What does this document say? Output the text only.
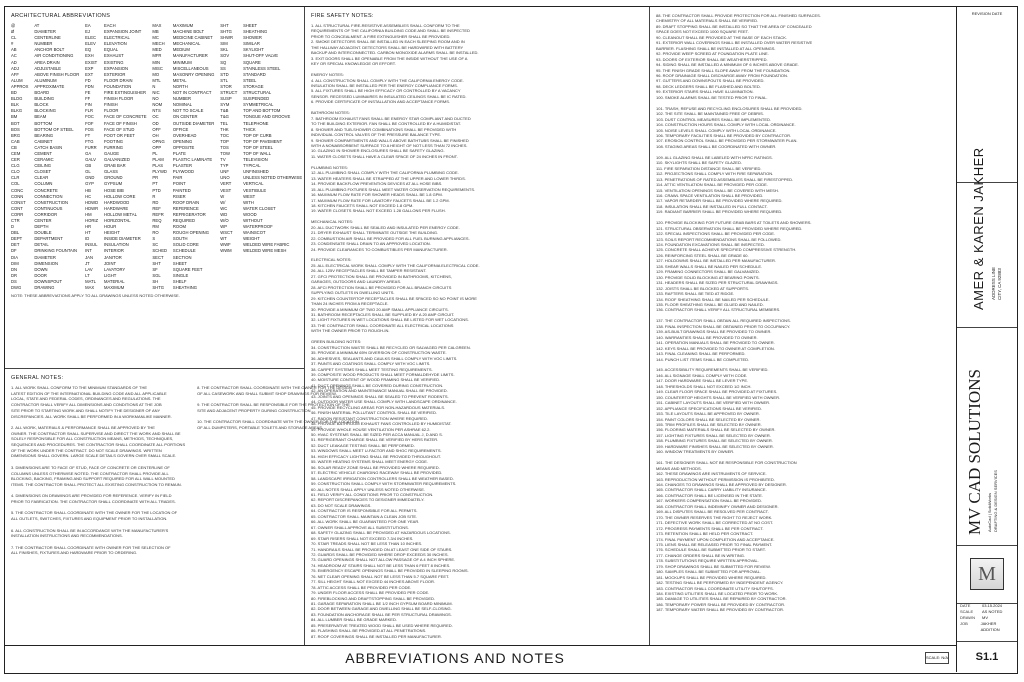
ARCHITECTURAL ABBREVIATIONS
@	AT	EA	EACH	MAX	MAXIMUM	SHT	SHEET
Ø	DIAMETER	EJ	EXPANSION JOINT	MB	MACHINE BOLT	SHTG	SHEATHING
CL	CENTERLINE	ELEC	ELECTRICAL	MC	MEDICINE CABINET	SHWR	SHOWER
#	NUMBER	ELEV	ELEVATION	MECH	MECHANICAL	SIM	SIMILAR
AB	ANCHOR BOLT	EQ	EQUAL	MED	MEDIUM	SKL	SKYLIGHT
AC	AIR CONDITIONING	EXH	EXHAUST	MFR	MANUFACTURER	SOV	SHUT-OFF VALVE
AD	AREA DRAIN	EXIST	EXISTING	MIN	MINIMUM	SQ	SQUARE
ADJ	ADJUSTABLE	EXP	EXPANSION	MISC	MISCELLANEOUS	SS	STAINLESS STEEL
AFF	ABOVE FINISH FLOOR	EXT	EXTERIOR	MO	MASONRY OPENING	STD	STANDARD
ALUM	ALUMINUM	FD	FLOOR DRAIN	MTL	METAL	STL	STEEL
APPROX	APPROXIMATE	FDN	FOUNDATION	N	NORTH	STOR	STORAGE
BD	BOARD	FE	FIRE EXTINGUISHER	NIC	NOT IN CONTRACT	STRUCT	STRUCTURAL
BLDG	BUILDING	FF	FINISH FLOOR	NO	NUMBER	SUSP	SUSPENDED
BLK	BLOCK	FIN	FINISH	NOM	NOMINAL	SYM	SYMMETRICAL
BLKG	BLOCKING	FLR	FLOOR	NTS	NOT TO SCALE	T&B	TOP AND BOTTOM
BM	BEAM	FOC	FACE OF CONCRETE	OC	ON CENTER	T&G	TONGUE AND GROOVE
BOT	BOTTOM	FOF	FACE OF FINISH	OD	OUTSIDE DIAMETER	TEL	TELEPHONE
BOS	BOTTOM OF STEEL	FOS	FACE OF STUD	OFF	OFFICE	THK	THICK
BRG	BEARING	FT	FOOT OR FEET	OH	OVERHEAD	TOC	TOP OF CURB
CAB	CABINET	FTG	FOOTING	OPNG	OPENING	TOP	TOP OF PAVEMENT
CB	CATCH BASIN	FURR	FURRING	OPP	OPPOSITE	TOS	TOP OF STEEL
CEM	CEMENT	GA	GAUGE	PL	PLATE	TOW	TOP OF WALL
CER	CERAMIC	GALV	GALVANIZED	PLAM	PLASTIC LAMINATE	TV	TELEVISION
CLG	CEILING	GB	GRAB BAR	PLAS	PLASTER	TYP	TYPICAL
CLO	CLOSET	GL	GLASS	PLYWD	PLYWOOD	UNF	UNFINISHED
CLR	CLEAR	GND	GROUND	PR	PAIR	UNO	UNLESS NOTED OTHERWISE
COL	COLUMN	GYP	GYPSUM	PT	POINT	VERT	VERTICAL
CONC	CONCRETE	HB	HOSE BIB	PTD	PAINTED	VEST	VESTIBULE
CONN	CONNECTION	HC	HOLLOW CORE	R	RISER	W	WEST
CONST	CONSTRUCTION	HDWD	HARDWOOD	RD	ROOF DRAIN	W/	WITH
CONT	CONTINUOUS	HDWR	HARDWARE	REF	REFERENCE	WC	WATER CLOSET
CORR	CORRIDOR	HM	HOLLOW METAL	REFR	REFRIGERATOR	WD	WOOD
CTR	CENTER	HORIZ	HORIZONTAL	REQ	REQUIRED	W/O	WITHOUT
D	DEPTH	HR	HOUR	RM	ROOM	WP	WATERPROOF
DBL	DOUBLE	HT	HEIGHT	RO	ROUGH OPENING	WSCT	WAINSCOT
DEPT	DEPARTMENT	ID	INSIDE DIAMETER	S	SOUTH	WT	WEIGHT
DET	DETAIL	INSUL	INSULATION	SC	SOLID CORE	WWF	WELDED WIRE FABRIC
DF	DRINKING FOUNTAIN	INT	INTERIOR	SCHED	SCHEDULE	WWM	WELDED WIRE MESH
DIA	DIAMETER	JAN	JANITOR	SECT	SECTION
DIM	DIMENSION	JT	JOINT	SHT	SHEET
DN	DOWN	LAV	LAVATORY	SF	SQUARE FEET
DR	DOOR	LT	LIGHT	SGL	SINGLE
DS	DOWNSPOUT	MATL	MATERIAL	SH	SHELF
DWG	DRAWING	MAX	MAXIMUM	SHTG	SHEATHING
NOTE: THESE ABBREVIATIONS APPLY TO ALL DRAWINGS UNLESS NOTED OTHERWISE.
GENERAL NOTES:
1. ALL WORK SHALL CONFORM TO THE MINIMUM STANDARDS OF THE
LATEST EDITION OF THE INTERNATIONAL BUILDING CODE AND ALL APPLICABLE
LOCAL, STATE AND FEDERAL CODES, ORDINANCES AND REGULATIONS. THE
CONTRACTOR SHALL VERIFY ALL DIMENSIONS AND CONDITIONS AT THE JOB
SITE PRIOR TO STARTING WORK AND SHALL NOTIFY THE DESIGNER OF ANY
DISCREPANCIES. ALL WORK SHALL BE PERFORMED IN A WORKMANLIKE MANNER.

2. ALL WORK, MATERIALS & PERFORMANCE SHALL BE APPROVED BY THE
OWNER. THE CONTRACTOR SHALL SUPERVISE AND DIRECT THE WORK AND SHALL BE
SOLELY RESPONSIBLE FOR ALL CONSTRUCTION MEANS, METHODS, TECHNIQUES,
SEQUENCES AND PROCEDURES. THE CONTRACTOR SHALL COORDINATE ALL PORTIONS
OF THE WORK UNDER THE CONTRACT. DO NOT SCALE DRAWINGS. WRITTEN
DIMENSIONS SHALL GOVERN. LARGE SCALE DETAILS GOVERN OVER SMALL SCALE.

3. DIMENSIONS ARE TO FACE OF STUD, FACE OF CONCRETE OR CENTERLINE OF
COLUMNS UNLESS OTHERWISE NOTED. THE CONTRACTOR SHALL PROVIDE ALL
BLOCKING, BACKING, FRAMING AND SUPPORT REQUIRED FOR ALL WALL MOUNTED
ITEMS. THE CONTRACTOR SHALL PROTECT ALL EXISTING CONSTRUCTION TO REMAIN.

4. DIMENSIONS ON DRAWINGS ARE PROVIDED FOR REFERENCE. VERIFY IN FIELD
PRIOR TO FABRICATION. THE CONTRACTOR SHALL COORDINATE WITH ALL TRADES.

5. THE CONTRACTOR SHALL COORDINATE WITH THE OWNER FOR THE LOCATION OF
ALL OUTLETS, SWITCHES, FIXTURES AND EQUIPMENT PRIOR TO INSTALLATION.

6. ALL CONSTRUCTION SHALL BE IN ACCORDANCE WITH THE MANUFACTURER'S
INSTALLATION INSTRUCTIONS AND RECOMMENDATIONS.

7. THE CONTRACTOR SHALL COORDINATE WITH OWNER FOR THE SELECTION OF
ALL FINISHES, FIXTURES AND HARDWARE PRIOR TO ORDERING.
8. THE CONTRACTOR SHALL COORDINATE WITH THE OWNER FOR THE DESIGN
OF ALL CASEWORK AND SHALL SUBMIT SHOP DRAWINGS FOR REVIEW.

9. THE CONTRACTOR SHALL BE RESPONSIBLE FOR THE PROTECTION OF THE
SITE AND ADJACENT PROPERTY DURING CONSTRUCTION.

10. THE CONTRACTOR SHALL COORDINATE WITH THE OWNER FOR THE LOCATION
OF ALL DUMPSTERS, PORTABLE TOILETS AND STORAGE AREAS.
FIRE SAFETY NOTES:
1. ALL STRUCTURAL FIRE-RESISTIVE ASSEMBLIES SHALL CONFORM TO THE
REQUIREMENTS OF THE CALIFORNIA BUILDING CODE AND SHALL BE INSPECTED
PRIOR TO CONCEALMENT. A FIRE EXTINGUISHER SHALL BE PROVIDED.
2. SMOKE DETECTORS SHALL BE INSTALLED IN EACH SLEEPING ROOM AND IN
THE HALLWAY ADJACENT. DETECTORS SHALL BE HARDWIRED WITH BATTERY
BACKUP AND INTERCONNECTED. CARBON MONOXIDE ALARMS SHALL BE INSTALLED.
3. EXIT DOORS SHALL BE OPENABLE FROM THE INSIDE WITHOUT THE USE OF A
KEY OR SPECIAL KNOWLEDGE OR EFFORT.

ENERGY NOTES:
4. ALL CONSTRUCTION SHALL COMPLY WITH THE CALIFORNIA ENERGY CODE.
INSULATION SHALL BE INSTALLED PER THE ENERGY COMPLIANCE FORMS.
5. ALL FIXTURES SHALL BE HIGH EFFICACY OR CONTROLLED BY A VACANCY
SENSOR. RECESSED LUMINAIRES IN INSULATED CEILINGS SHALL BE IC RATED.
6. PROVIDE CERTIFICATE OF INSTALLATION AND ACCEPTANCE FORMS.

BATHROOM NOTES:
7. BATHROOM EXHAUST FANS SHALL BE ENERGY STAR COMPLIANT AND DUCTED
TO THE BUILDING EXTERIOR. FAN SHALL BE CONTROLLED BY A HUMIDISTAT.
8. SHOWER AND TUB-SHOWER COMBINATIONS SHALL BE PROVIDED WITH
INDIVIDUAL CONTROL VALVES OF THE PRESSURE BALANCE TYPE.
9. SHOWER COMPARTMENTS AND WALLS ABOVE BATHTUBS SHALL BE FINISHED
WITH A NONABSORBENT SURFACE TO A HEIGHT OF NOT LESS THAN 72 INCHES.
10. GLAZING IN SHOWER ENCLOSURES SHALL BE SAFETY GLAZING.
11. WATER CLOSETS SHALL HAVE A CLEAR SPACE OF 24 INCHES IN FRONT.

PLUMBING NOTES:
12. ALL PLUMBING SHALL COMPLY WITH THE CALIFORNIA PLUMBING CODE.
13. WATER HEATERS SHALL BE STRAPPED AT THE UPPER AND LOWER THIRDS.
14. PROVIDE BACKFLOW PREVENTION DEVICES AT ALL HOSE BIBS.
15. ALL PLUMBING FIXTURES SHALL MEET WATER CONSERVATION REQUIREMENTS.
16. MAXIMUM FLOW RATE FOR SHOWER HEADS SHALL BE 1.8 GPM.
17. MAXIMUM FLOW RATE FOR LAVATORY FAUCETS SHALL BE 1.2 GPM.
18. KITCHEN FAUCETS SHALL NOT EXCEED 1.8 GPM.
19. WATER CLOSETS SHALL NOT EXCEED 1.28 GALLONS PER FLUSH.

MECHANICAL NOTES:
20. ALL DUCTWORK SHALL BE SEALED AND INSULATED PER ENERGY CODE.
21. DRYER EXHAUST SHALL TERMINATE OUTSIDE THE BUILDING.
22. COMBUSTION AIR SHALL BE PROVIDED FOR ALL FUEL BURNING APPLIANCES.
23. CONDENSATE SHALL DRAIN TO AN APPROVED LOCATION.
24. PROVIDE CLEARANCES TO COMBUSTIBLES PER MANUFACTURER.

ELECTRICAL NOTES:
25. ALL ELECTRICAL WORK SHALL COMPLY WITH THE CALIFORNIA ELECTRICAL CODE.
26. ALL 125V RECEPTACLES SHALL BE TAMPER RESISTANT.
27. GFCI PROTECTION SHALL BE PROVIDED IN BATHROOMS, KITCHENS,
GARAGES, OUTDOORS AND LAUNDRY AREAS.
28. AFCI PROTECTION SHALL BE PROVIDED FOR ALL BRANCH CIRCUITS
SUPPLYING OUTLETS IN DWELLING UNITS.
29. KITCHEN COUNTERTOP RECEPTACLES SHALL BE SPACED SO NO POINT IS MORE
THAN 24 INCHES FROM A RECEPTACLE.
30. PROVIDE A MINIMUM OF TWO 20 AMP SMALL APPLIANCE CIRCUITS.
31. BATHROOM RECEPTACLES SHALL BE SUPPLIED BY A 20 AMP CIRCUIT.
32. LIGHT FIXTURES IN WET LOCATIONS SHALL BE LISTED FOR WET LOCATIONS.
33. THE CONTRACTOR SHALL COORDINATE ALL ELECTRICAL LOCATIONS
WITH THE OWNER PRIOR TO ROUGH-IN.

GREEN BUILDING NOTES:
34. CONSTRUCTION WASTE SHALL BE RECYCLED OR SALVAGED PER CALGREEN.
35. PROVIDE A MINIMUM 65% DIVERSION OF CONSTRUCTION WASTE.
36. ADHESIVES, SEALANTS AND CAULKS SHALL COMPLY WITH VOC LIMITS.
37. PAINTS AND COATINGS SHALL COMPLY WITH VOC LIMITS.
38. CARPET SYSTEMS SHALL MEET TESTING REQUIREMENTS.
39. COMPOSITE WOOD PRODUCTS SHALL MEET FORMALDEHYDE LIMITS.
40. MOISTURE CONTENT OF WOOD FRAMING SHALL BE VERIFIED.
41. DUCT OPENINGS SHALL BE COVERED DURING CONSTRUCTION.
42. AN OPERATION AND MAINTENANCE MANUAL SHALL BE PROVIDED.
43. JOINTS AND OPENINGS SHALL BE SEALED TO PREVENT RODENTS.
44. OUTDOOR WATER USE SHALL COMPLY WITH LANDSCAPE ORDINANCE.
45. PROVIDE RECYCLING AREAS FOR NON-HAZARDOUS MATERIALS.
46. FINISH MATERIAL POLLUTANT CONTROL SHALL BE VERIFIED.
47. RADON RESISTANT CONSTRUCTION WHERE REQUIRED.
48. PROVIDE BATHROOM EXHAUST FANS CONTROLLED BY HUMIDISTAT.
49. PROVIDE WHOLE HOUSE VENTILATION PER ASHRAE 62.2.
50. HVAC SYSTEMS SHALL BE SIZED PER ACCA MANUAL J, D AND S.
51. REFRIGERANT CHARGE SHALL BE VERIFIED BY HERS RATER.
52. DUCT LEAKAGE TESTING SHALL BE PERFORMED.
53. WINDOWS SHALL MEET U-FACTOR AND SHGC REQUIREMENTS.
54. HIGH EFFICACY LIGHTING SHALL BE PROVIDED THROUGHOUT.
55. WATER HEATING SYSTEMS SHALL MEET ENERGY CODE.
56. SOLAR READY ZONE SHALL BE PROVIDED WHERE REQUIRED.
57. ELECTRIC VEHICLE CHARGING RACEWAY SHALL BE PROVIDED.
58. LANDSCAPE IRRIGATION CONTROLLERS SHALL BE WEATHER BASED.
59. CONSTRUCTION SHALL COMPLY WITH STORMWATER REQUIREMENTS.
60. ALL NOTES SHALL APPLY UNLESS NOTED OTHERWISE.
61. FIELD VERIFY ALL CONDITIONS PRIOR TO CONSTRUCTION.
62. REPORT DISCREPANCIES TO DESIGNER IMMEDIATELY.
63. DO NOT SCALE DRAWINGS.
64. CONTRACTOR IS RESPONSIBLE FOR ALL PERMITS.
65. CONTRACTOR SHALL MAINTAIN A CLEAN JOB SITE.
66. ALL WORK SHALL BE GUARANTEED FOR ONE YEAR.
67. OWNER SHALL APPROVE ALL SUBSTITUTIONS.
68. SAFETY GLAZING SHALL BE PROVIDED AT HAZARDOUS LOCATIONS.
69. STAIR RISERS SHALL NOT EXCEED 7-3/4 INCHES.
70. STAIR TREADS SHALL NOT BE LESS THAN 10 INCHES.
71. HANDRAILS SHALL BE PROVIDED ON AT LEAST ONE SIDE OF STAIRS.
72. GUARDS SHALL BE PROVIDED WHERE DROP EXCEEDS 30 INCHES.
73. GUARD OPENINGS SHALL NOT ALLOW PASSAGE OF A 4 INCH SPHERE.
74. HEADROOM AT STAIRS SHALL NOT BE LESS THAN 6 FEET 8 INCHES.
75. EMERGENCY ESCAPE OPENINGS SHALL BE PROVIDED IN SLEEPING ROOMS.
76. NET CLEAR OPENING SHALL NOT BE LESS THAN 5.7 SQUARE FEET.
77. SILL HEIGHT SHALL NOT EXCEED 44 INCHES ABOVE FLOOR.
78. ATTIC ACCESS SHALL BE PROVIDED PER CODE.
79. UNDER FLOOR ACCESS SHALL BE PROVIDED PER CODE.
80. FIREBLOCKING AND DRAFTSTOPPING SHALL BE PROVIDED.
81. GARAGE SEPARATION SHALL BE 1/2 INCH GYPSUM BOARD MINIMUM.
82. DOOR BETWEEN GARAGE AND DWELLING SHALL BE SELF-CLOSING.
83. FOUNDATION ANCHORAGE SHALL BE PER STRUCTURAL DRAWINGS.
84. ALL LUMBER SHALL BE GRADE MARKED.
85. PRESERVATIVE TREATED WOOD SHALL BE USED WHERE REQUIRED.
86. FLASHING SHALL BE PROVIDED AT ALL PENETRATIONS.
87. ROOF COVERINGS SHALL BE INSTALLED PER MANUFACTURER.
88. THE CONTRACTOR SHALL PROVIDE PROTECTION FOR ALL FINISHED SURFACES.
CHEMISTRY OF ALL MATERIALS SHALL BE VERIFIED.
89. DRAFT STOPPING SHALL BE INSTALLED SO THAT THE AREA OF CONCEALED
SPACE DOES NOT EXCEED 1000 SQUARE FEET.
90. CLEANOUT SHALL BE PROVIDED AT THE BASE OF EACH STACK.
91. EXTERIOR WALL COVERINGS SHALL BE INSTALLED OVER WATER RESISTIVE
BARRIER. FLASHING SHALL BE INSTALLED AT ALL OPENINGS.
92. PROVIDE WEEP SCREED AT FOUNDATION PLATE LINE.
93. DOORS OF EXTERIOR SHALL BE WEATHERSTRIPPED.
94. SIDING SHALL BE INSTALLED A MINIMUM OF 6 INCHES ABOVE GRADE.
95. THE FINISH GRADE SHALL SLOPE AWAY FROM THE FOUNDATION.
96. ROOF DRAINAGE SHALL DISCHARGE AWAY FROM FOUNDATION.
97. GUTTERS AND DOWNSPOUTS SHALL BE PROVIDED.
98. DECK LEDGERS SHALL BE FLASHED AND BOLTED.
99. EXTERIOR STAIRS SHALL HAVE ILLUMINATION.
100. SMOKE ALARMS SHALL BE TESTED PRIOR TO FINAL.

101. TRASH, REFUSE AND RECYCLING ENCLOSURES SHALL BE PROVIDED.
102. THE SITE SHALL BE MAINTAINED FREE OF DEBRIS.
103. DUST CONTROL MEASURES SHALL BE IMPLEMENTED.
104. CONSTRUCTION HOURS SHALL COMPLY WITH LOCAL ORDINANCE.
105. NOISE LEVELS SHALL COMPLY WITH LOCAL ORDINANCE.
106. TEMPORARY FACILITIES SHALL BE PROVIDED BY CONTRACTOR.
107. EROSION CONTROL SHALL BE PROVIDED PER STORMWATER PLAN.
108. STAGING AREAS SHALL BE COORDINATED WITH OWNER.

109. ALL GLAZING SHALL BE LABELED WITH NFRC RATINGS.
110. SKYLIGHTS SHALL BE SAFETY GLAZED.
111. FIRE SEPARATION DISTANCE SHALL BE VERIFIED.
112. PROJECTIONS SHALL COMPLY WITH FIRE SEPARATION.
113. PENETRATIONS OF RATED ASSEMBLIES SHALL BE FIRESTOPPED.
114. ATTIC VENTILATION SHALL BE PROVIDED PER CODE.
115. VENTILATION OPENINGS SHALL BE COVERED WITH MESH.
116. CRAWL SPACE VENTILATION SHALL BE PROVIDED.
117. VAPOR RETARDER SHALL BE PROVIDED WHERE REQUIRED.
118. INSULATION SHALL BE INSTALLED IN FULL CONTACT.
119. RADIANT BARRIER SHALL BE PROVIDED WHERE REQUIRED.

120. PROVIDE BLOCKING FOR FUTURE GRAB BARS AT TOILETS AND SHOWERS.
121. STRUCTURAL OBSERVATION SHALL BE PROVIDED WHERE REQUIRED.
122. SPECIAL INSPECTIONS SHALL BE PROVIDED PER CODE.
123. SOILS REPORT RECOMMENDATIONS SHALL BE FOLLOWED.
124. FOUNDATION EXCAVATIONS SHALL BE INSPECTED.
125. CONCRETE SHALL ACHIEVE SPECIFIED COMPRESSIVE STRENGTH.
126. REINFORCING STEEL SHALL BE GRADE 60.
127. HOLDOWNS SHALL BE INSTALLED PER MANUFACTURER.
128. SHEAR WALLS SHALL BE NAILED PER SCHEDULE.
129. FRAMING CONNECTORS SHALL BE GALVANIZED.
130. PROVIDE SOLID BLOCKING AT BEARING POINTS.
131. HEADERS SHALL BE SIZED PER STRUCTURAL DRAWINGS.
132. JOISTS SHALL BE BLOCKED AT SUPPORTS.
133. RAFTERS SHALL BE TIED AT RIDGE.
134. ROOF SHEATHING SHALL BE NAILED PER SCHEDULE.
135. FLOOR SHEATHING SHALL BE GLUED AND NAILED.
136. CONTRACTOR SHALL VERIFY ALL STRUCTURAL MEMBERS.

137. THE CONTRACTOR SHALL OBTAIN ALL REQUIRED INSPECTIONS.
138. FINAL INSPECTION SHALL BE OBTAINED PRIOR TO OCCUPANCY.
139. AS-BUILT DRAWINGS SHALL BE PROVIDED TO OWNER.
140. WARRANTIES SHALL BE PROVIDED TO OWNER.
141. OPERATION MANUALS SHALL BE PROVIDED TO OWNER.
142. KEYS SHALL BE PROVIDED TO OWNER AT COMPLETION.
143. FINAL CLEANING SHALL BE PERFORMED.
144. PUNCH LIST ITEMS SHALL BE COMPLETED.

145. ACCESSIBILITY REQUIREMENTS SHALL BE VERIFIED.
146. ALL SIGNAGE SHALL COMPLY WITH CODE.
147. DOOR HARDWARE SHALL BE LEVER TYPE.
148. THRESHOLDS SHALL NOT EXCEED 1/2 INCH.
149. CLEAR FLOOR SPACE SHALL BE PROVIDED AT FIXTURES.
150. COUNTERTOP HEIGHTS SHALL BE VERIFIED WITH OWNER.
151. CABINET LAYOUTS SHALL BE VERIFIED WITH OWNER.
152. APPLIANCE SPECIFICATIONS SHALL BE VERIFIED.
153. TILE LAYOUTS SHALL BE APPROVED BY OWNER.
154. PAINT COLORS SHALL BE SELECTED BY OWNER.
155. TRIM PROFILES SHALL BE SELECTED BY OWNER.
156. FLOORING MATERIALS SHALL BE SELECTED BY OWNER.
157. LIGHTING FIXTURES SHALL BE SELECTED BY OWNER.
158. PLUMBING FIXTURES SHALL BE SELECTED BY OWNER.
159. HARDWARE FINISHES SHALL BE SELECTED BY OWNER.
160. WINDOW TREATMENTS BY OWNER.

161. THE DESIGNER SHALL NOT BE RESPONSIBLE FOR CONSTRUCTION
MEANS AND METHODS.
162. THESE DRAWINGS ARE INSTRUMENTS OF SERVICE.
163. REPRODUCTION WITHOUT PERMISSION IS PROHIBITED.
164. CHANGES TO DRAWINGS SHALL BE APPROVED BY DESIGNER.
165. CONTRACTOR SHALL CARRY LIABILITY INSURANCE.
166. CONTRACTOR SHALL BE LICENSED IN THE STATE.
167. WORKERS COMPENSATION SHALL BE PROVIDED.
168. CONTRACTOR SHALL INDEMNIFY OWNER AND DESIGNER.
169. ALL DISPUTES SHALL BE RESOLVED PER CONTRACT.
170. THE OWNER RESERVES THE RIGHT TO REJECT WORK.
171. DEFECTIVE WORK SHALL BE CORRECTED AT NO COST.
172. PROGRESS PAYMENTS SHALL BE PER CONTRACT.
173. RETENTION SHALL BE HELD PER CONTRACT.
174. FINAL PAYMENT UPON COMPLETION AND ACCEPTANCE.
175. LIENS SHALL BE RELEASED PRIOR TO FINAL PAYMENT.
176. SCHEDULE SHALL BE SUBMITTED PRIOR TO START.
177. CHANGE ORDERS SHALL BE IN WRITING.
178. SUBSTITUTIONS REQUIRE WRITTEN APPROVAL.
179. SHOP DRAWINGS SHALL BE SUBMITTED FOR REVIEW.
180. SAMPLES SHALL BE SUBMITTED FOR APPROVAL.
181. MOCKUPS SHALL BE PROVIDED WHERE REQUIRED.
182. TESTING SHALL BE PERFORMED BY INDEPENDENT AGENCY.
183. CONTRACTOR SHALL COORDINATE UTILITY SHUTOFFS.
184. EXISTING UTILITIES SHALL BE LOCATED PRIOR TO WORK.
185. DAMAGE TO UTILITIES SHALL BE REPAIRED BY CONTRACTOR.
186. TEMPORARY POWER SHALL BE PROVIDED BY CONTRACTOR.
187. TEMPORARY WATER SHALL BE PROVIDED BY CONTRACTOR.
ABBREVIATIONS AND NOTES	SCALE: N/A
REVISION DATE
AMER & KAREN JAKHER ADDRESS LINE CITY, CA 92883
MV CAD SOLUTIONS AutoCad | SolidWorks DRAFTING & DESIGN SERVICES
M
DATE	03.15.2024
SCALE	AS NOTED
DRAWN	MV
JOB	JAKHER ADDITION
S1.1
